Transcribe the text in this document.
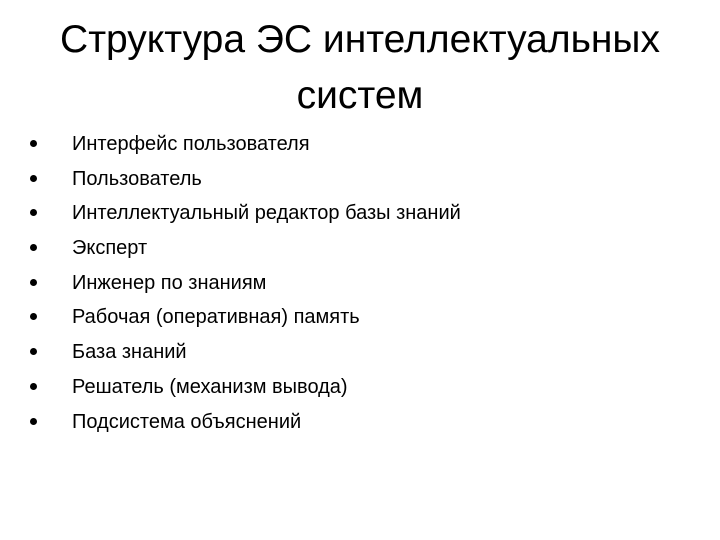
Структура ЭС интеллектуальных
систем
Интерфейс пользователя
Пользователь
Интеллектуальный редактор базы знаний
Эксперт
Инженер по знаниям
Рабочая (оперативная) память
База знаний
Решатель (механизм вывода)
Подсистема объяснений
